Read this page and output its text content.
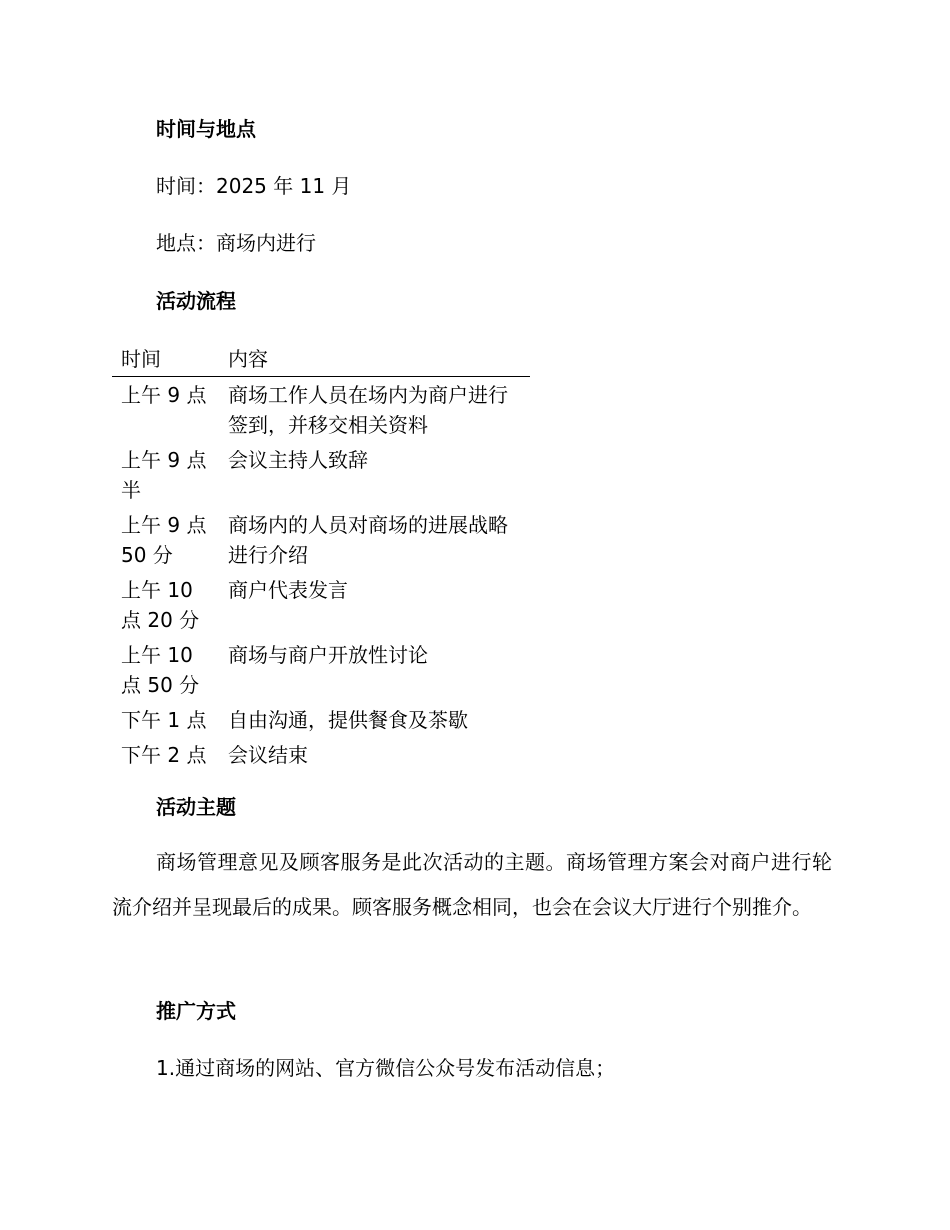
时间与地点

时间：2025 年 11 月

地点：商场内进行

活动流程
时间	内容
上午 9 点	商场工作人员在场内为商户进行签到，并移交相关资料
上午 9 点半	会议主持人致辞
上午 9 点 50 分	商场内的人员对商场的进展战略进行介绍
上午 10 点 20 分	商户代表发言
上午 10 点 50 分	商场与商户开放性讨论
下午 1 点	自由沟通，提供餐食及茶歇
下午 2 点	会议结束
活动主题

商场管理意见及顾客服务是此次活动的主题。商场管理方案会对商户进行轮流介绍并呈现最后的成果。顾客服务概念相同，也会在会议大厅进行个别推介。

推广方式

1.通过商场的网站、官方微信公众号发布活动信息；
